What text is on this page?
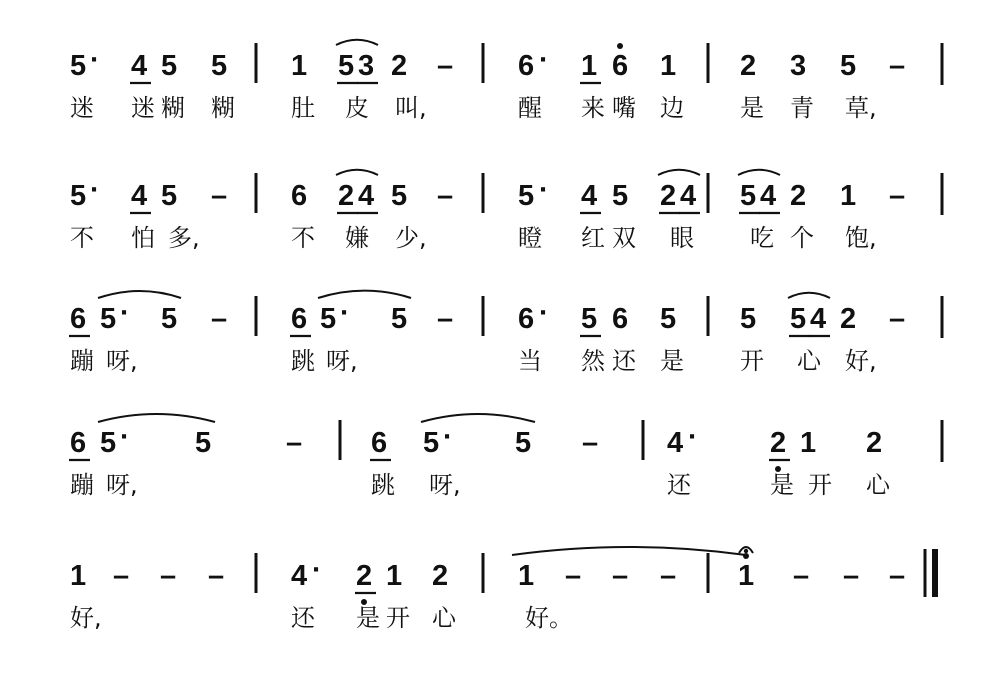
5 · 4 5 5 1 5 3 2 – 6 · 1 6 1 2 3 5 –
迷 迷 糊 糊 肚 皮 叫,	醒 来 嘴 边 是 青 草,
5 · 4 5 – 6 2 4 5 – 5 · 4 5 2 4 5 4 2 1 –
不 怕 多,	不 嫌 少,	瞪 红 双 眼 吃 个 饱,
6 5 · 5 – 6 5 · 5 – 6 · 5 6 5 5 5 4 2 –
蹦 呀,	跳 呀,	当 然 还 是 开 心 好,
6 5 · 5	– 6 5 · 5 – 4 · 2 1 2
蹦 呀,	跳 呀,	还	是 开 心
1 – – – 4 · 2 1 2 1 – – – 1 – – –
好,	还 是 开 心	好。
